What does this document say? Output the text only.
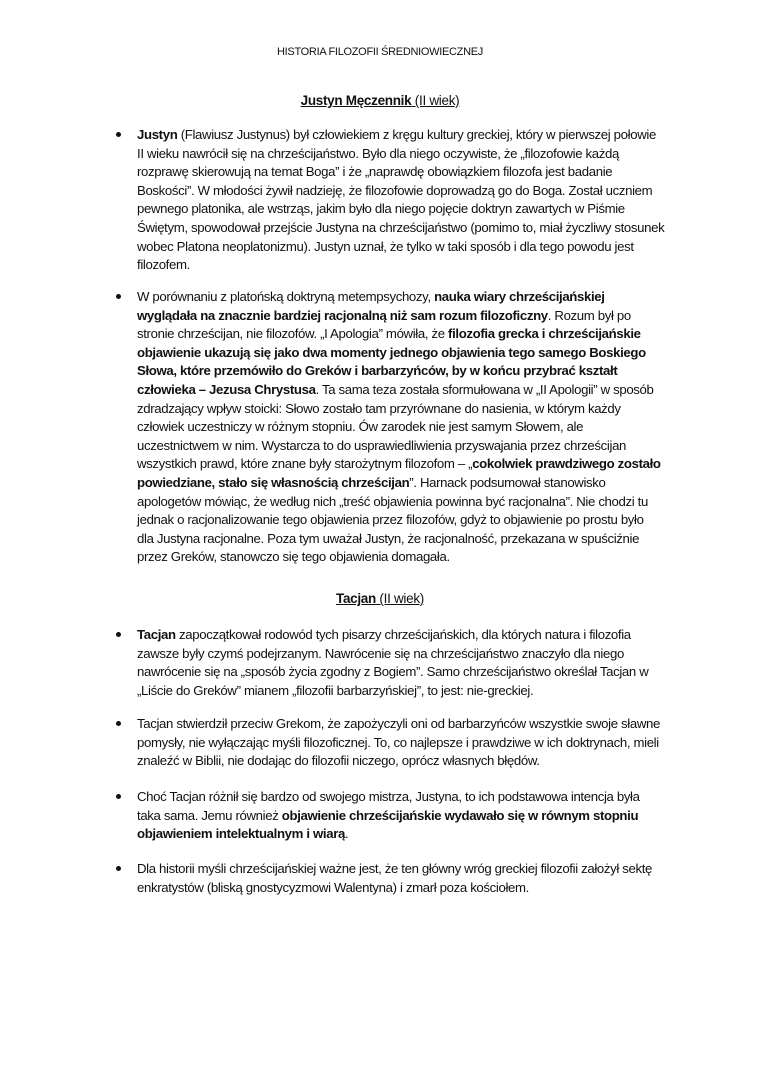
HISTORIA FILOZOFII ŚREDNIOWIECZNEJ
Justyn Męczennik (II wiek)
Justyn (Flawiusz Justynus) był człowiekiem z kręgu kultury greckiej, który w pierwszej połowie
II wieku nawrócił się na chrześcijaństwo. Było dla niego oczywiste, że „filozofowie każdą
rozprawę skierowują na temat Boga” i że „naprawdę obowiązkiem filozofa jest badanie
Boskości”. W młodości żywił nadzieję, że filozofowie doprowadzą go do Boga. Został uczniem
pewnego platonika, ale wstrząs, jakim było dla niego pojęcie doktryn zawartych w Piśmie
Świętym, spowodował przejście Justyna na chrześcijaństwo (pomimo to, miał życzliwy stosunek
wobec Platona neoplatonizmu). Justyn uznał, że tylko w taki sposób i dla tego powodu jest
filozofem.
W porównaniu z platońską doktryną metempsychozy, nauka wiary chrześcijańskiej
wyglądała na znacznie bardziej racjonalną niż sam rozum filozoficzny. Rozum był po
stronie chrześcijan, nie filozofów. „I Apologia” mówiła, że filozofia grecka i chrześcijańskie
objawienie ukazują się jako dwa momenty jednego objawienia tego samego Boskiego
Słowa, które przemówiło do Greków i barbarzyńców, by w końcu przybrać kształt
człowieka – Jezusa Chrystusa. Ta sama teza została sformułowana w „II Apologii” w sposób
zdradzający wpływ stoicki: Słowo zostało tam przyrównane do nasienia, w którym każdy
człowiek uczestniczy w różnym stopniu. Ów zarodek nie jest samym Słowem, ale
uczestnictwem w nim. Wystarcza to do usprawiedliwienia przyswajania przez chrześcijan
wszystkich prawd, które znane były starożytnym filozofom – „cokolwiek prawdziwego zostało
powiedziane, stało się własnością chrześcijan”. Harnack podsumował stanowisko
apologetów mówiąc, że według nich „treść objawienia powinna być racjonalna”. Nie chodzi tu
jednak o racjonalizowanie tego objawienia przez filozofów, gdyż to objawienie po prostu było
dla Justyna racjonalne. Poza tym uważał Justyn, że racjonalność, przekazana w spuściźnie
przez Greków, stanowczo się tego objawienia domagała.
Tacjan (II wiek)
Tacjan zapoczątkował rodowód tych pisarzy chrześcijańskich, dla których natura i filozofia
zawsze były czymś podejrzanym. Nawrócenie się na chrześcijaństwo znaczyło dla niego
nawrócenie się na „sposób życia zgodny z Bogiem”. Samo chrześcijaństwo określał Tacjan w
„Liście do Greków” mianem „filozofii barbarzyńskiej”, to jest: nie-greckiej.
Tacjan stwierdził przeciw Grekom, że zapożyczyli oni od barbarzyńców wszystkie swoje sławne
pomysły, nie wyłączając myśli filozoficznej. To, co najlepsze i prawdziwe w ich doktrynach, mieli
znaleźć w Biblii, nie dodając do filozofii niczego, oprócz własnych błędów.
Choć Tacjan różnił się bardzo od swojego mistrza, Justyna, to ich podstawowa intencja była
taka sama. Jemu również objawienie chrześcijańskie wydawało się w równym stopniu
objawieniem intelektualnym i wiarą.
Dla historii myśli chrześcijańskiej ważne jest, że ten główny wróg greckiej filozofii założył sektę
enkratystów (bliską gnostycyzmowi Walentyna) i zmarł poza kościołem.
